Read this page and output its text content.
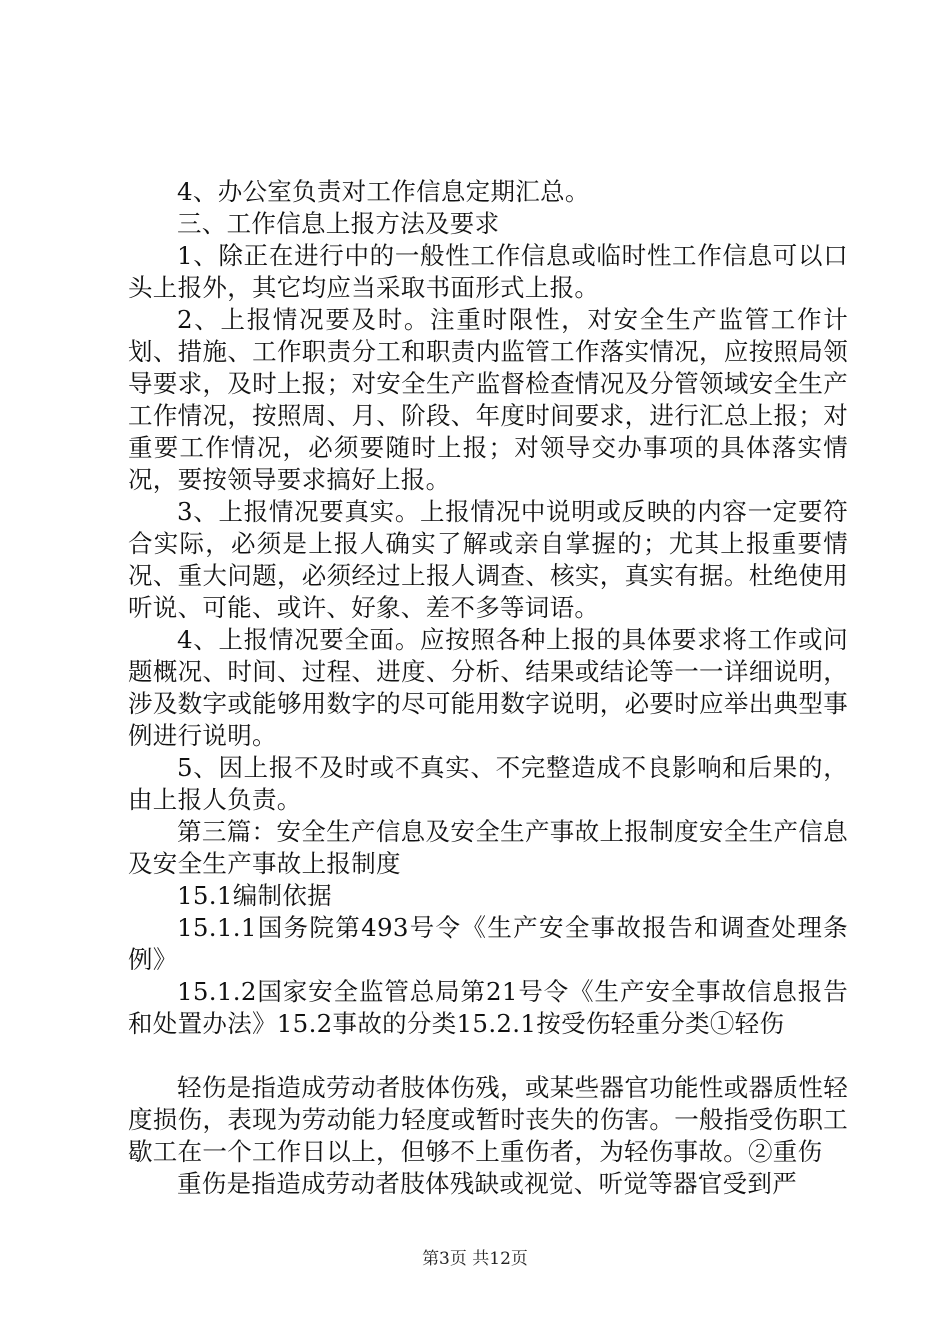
4、办公室负责对工作信息定期汇总。

三、工作信息上报方法及要求

1、除正在进行中的一般性工作信息或临时性工作信息可以口头上报外，其它均应当采取书面形式上报。

2、上报情况要及时。注重时限性，对安全生产监管工作计划、措施、工作职责分工和职责内监管工作落实情况，应按照局领导要求，及时上报；对安全生产监督检查情况及分管领域安全生产工作情况，按照周、月、阶段、年度时间要求，进行汇总上报；对重要工作情况，必须要随时上报；对领导交办事项的具体落实情况，要按领导要求搞好上报。

3、上报情况要真实。上报情况中说明或反映的内容一定要符合实际，必须是上报人确实了解或亲自掌握的；尤其上报重要情况、重大问题，必须经过上报人调查、核实，真实有据。杜绝使用听说、可能、或许、好象、差不多等词语。

4、上报情况要全面。应按照各种上报的具体要求将工作或问题概况、时间、过程、进度、分析、结果或结论等一一详细说明，涉及数字或能够用数字的尽可能用数字说明，必要时应举出典型事例进行说明。

5、因上报不及时或不真实、不完整造成不良影响和后果的，由上报人负责。

第三篇：安全生产信息及安全生产事故上报制度安全生产信息及安全生产事故上报制度

15.1编制依据

15.1.1国务院第493号令《生产安全事故报告和调查处理条例》

15.1.2国家安全监管总局第21号令《生产安全事故信息报告和处置办法》15.2事故的分类15.2.1按受伤轻重分类①轻伤

轻伤是指造成劳动者肢体伤残，或某些器官功能性或器质性轻度损伤，表现为劳动能力轻度或暂时丧失的伤害。一般指受伤职工歇工在一个工作日以上，但够不上重伤者，为轻伤事故。②重伤

重伤是指造成劳动者肢体残缺或视觉、听觉等器官受到严

第3页 共12页
